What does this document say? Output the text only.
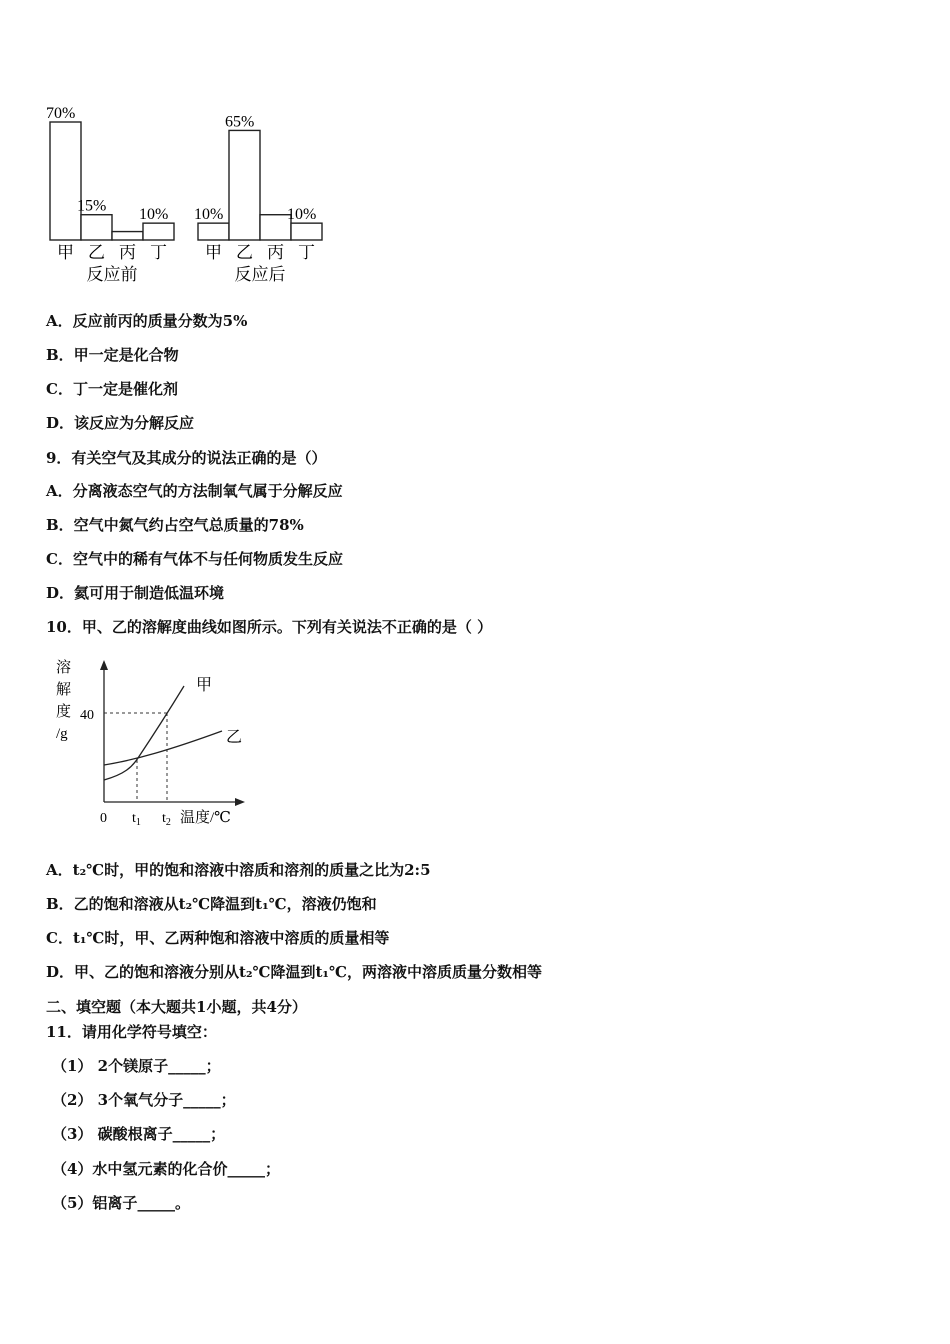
70%
甲
15%
乙 丙
10%
丁
反应前
10%
甲
65%
乙 丙
10%
丁
反应后
A．反应前丙的质量分数为5%
B．甲一定是化合物
C．丁一定是催化剂
D．该反应为分解反应
9．有关空气及其成分的说法正确的是（）
A．分离液态空气的方法制氧气属于分解反应
B．空气中氮气约占空气总质量的78%
C．空气中的稀有气体不与任何物质发生反应
D．氦可用于制造低温环境
10．甲、乙的溶解度曲线如图所示。下列有关说法不正确的是（ ）
溶
解
度
/g
甲
乙
40
0 $t_1$ $t_2$ 温度/℃
A．t₂℃时，甲的饱和溶液中溶质和溶剂的质量之比为2:5
B．乙的饱和溶液从t₂℃降温到t₁℃，溶液仍饱和
C．t₁℃时，甲、乙两种饱和溶液中溶质的质量相等
D．甲、乙的饱和溶液分别从t₂℃降温到t₁℃，两溶液中溶质质量分数相等
二、填空题（本大题共1小题，共4分）
11．请用化学符号填空：
（1） 2个镁原子_____；
（2） 3个氧气分子_____；
（3） 碳酸根离子_____；
（4）水中氢元素的化合价_____；
（5）铝离子_____。
